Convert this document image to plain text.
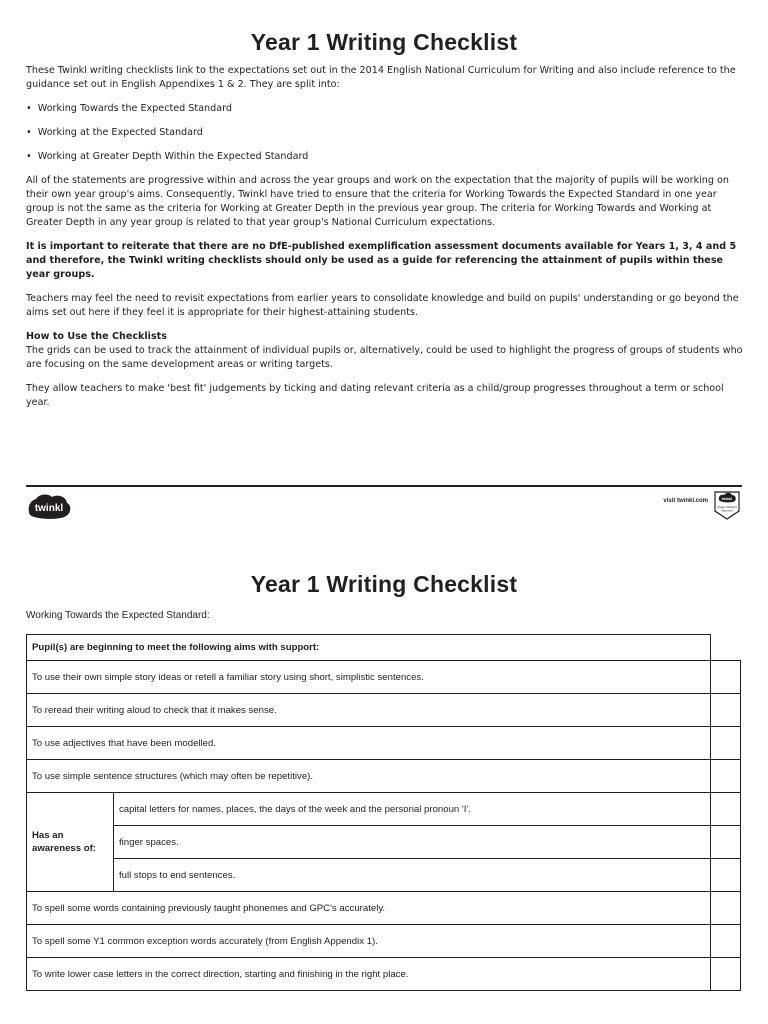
Year 1 Writing Checklist

These Twinkl writing checklists link to the expectations set out in the 2014 English National Curriculum for Writing and also include reference to the guidance set out in English Appendixes 1 & 2. They are split into:

•  Working Towards the Expected Standard

•  Working at the Expected Standard

•  Working at Greater Depth Within the Expected Standard

All of the statements are progressive within and across the year groups and work on the expectation that the majority of pupils will be working on their own year group's aims. Consequently, Twinkl have tried to ensure that the criteria for Working Towards the Expected Standard in one year group is not the same as the criteria for Working at Greater Depth in the previous year group. The criteria for Working Towards and Working at Greater Depth in any year group is related to that year group's National Curriculum expectations.

It is important to reiterate that there are no DfE-published exemplification assessment documents available for Years 1, 3, 4 and 5 and therefore, the Twinkl writing checklists should only be used as a guide for referencing the attainment of pupils within these year groups.

Teachers may feel the need to revisit expectations from earlier years to consolidate knowledge and build on pupils' understanding or go beyond the aims set out here if they feel it is appropriate for their highest-attaining students.

How to Use the Checklists

The grids can be used to track the attainment of individual pupils or, alternatively, could be used to highlight the progress of groups of students who are focusing on the same development areas or writing targets.

They allow teachers to make 'best fit' judgements by ticking and dating relevant criteria as a child/group progresses throughout a term or school year.

twinkl
visit twinkl.com	twinkl
Quality Standard
Approved
Year 1 Writing Checklist
Working Towards the Expected Standard:
Pupil(s) are beginning to meet the following aims with support:		
To use their own simple story ideas or retell a familiar story using short, simplistic sentences.		
To reread their writing aloud to check that it makes sense.		
To use adjectives that have been modelled.		
To use simple sentence structures (which may often be repetitive).		
Has an awareness of:	capital letters for names, places, the days of the week and the personal pronoun 'I'.	
	finger spaces.	
	full stops to end sentences.	
To spell some words containing previously taught phonemes and GPC's accurately.		
To spell some Y1 common exception words accurately (from English Appendix 1).		
To write lower case letters in the correct direction, starting and finishing in the right place.		
